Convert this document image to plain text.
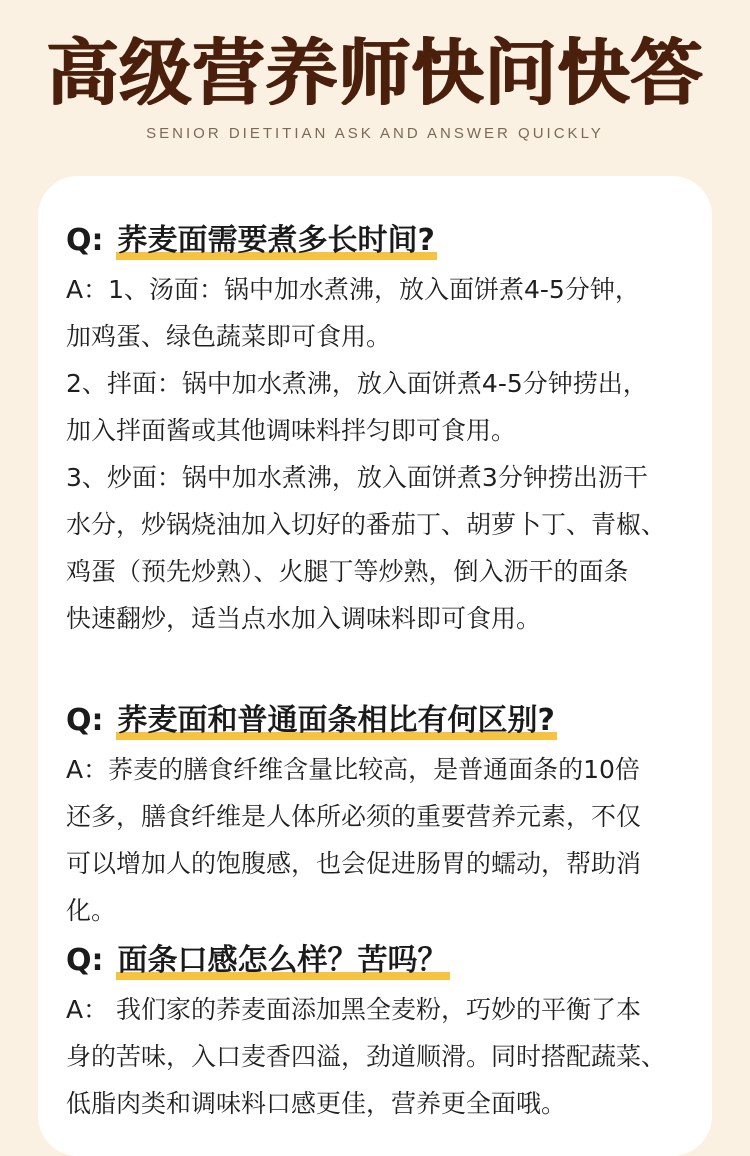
高级营养师快问快答
SENIOR DIETITIAN ASK AND ANSWER QUICKLY
Q: 荞麦面需要煮多长时间?
A：1、汤面：锅中加水煮沸，放入面饼煮4-5分钟，
加鸡蛋、绿色蔬菜即可食用。
2、拌面：锅中加水煮沸，放入面饼煮4-5分钟捞出，
加入拌面酱或其他调味料拌匀即可食用。
3、炒面：锅中加水煮沸，放入面饼煮3分钟捞出沥干
水分，炒锅烧油加入切好的番茄丁、胡萝卜丁、青椒、
鸡蛋（预先炒熟）、火腿丁等炒熟，倒入沥干的面条
快速翻炒，适当点水加入调味料即可食用。
Q: 荞麦面和普通面条相比有何区别?
A：荞麦的膳食纤维含量比较高，是普通面条的10倍
还多，膳食纤维是人体所必须的重要营养元素，不仅
可以增加人的饱腹感，也会促进肠胃的蠕动，帮助消
化。
Q: 面条口感怎么样？苦吗？
A： 我们家的荞麦面添加黑全麦粉，巧妙的平衡了本
身的苦味，入口麦香四溢，劲道顺滑。同时搭配蔬菜、
低脂肉类和调味料口感更佳，营养更全面哦。
